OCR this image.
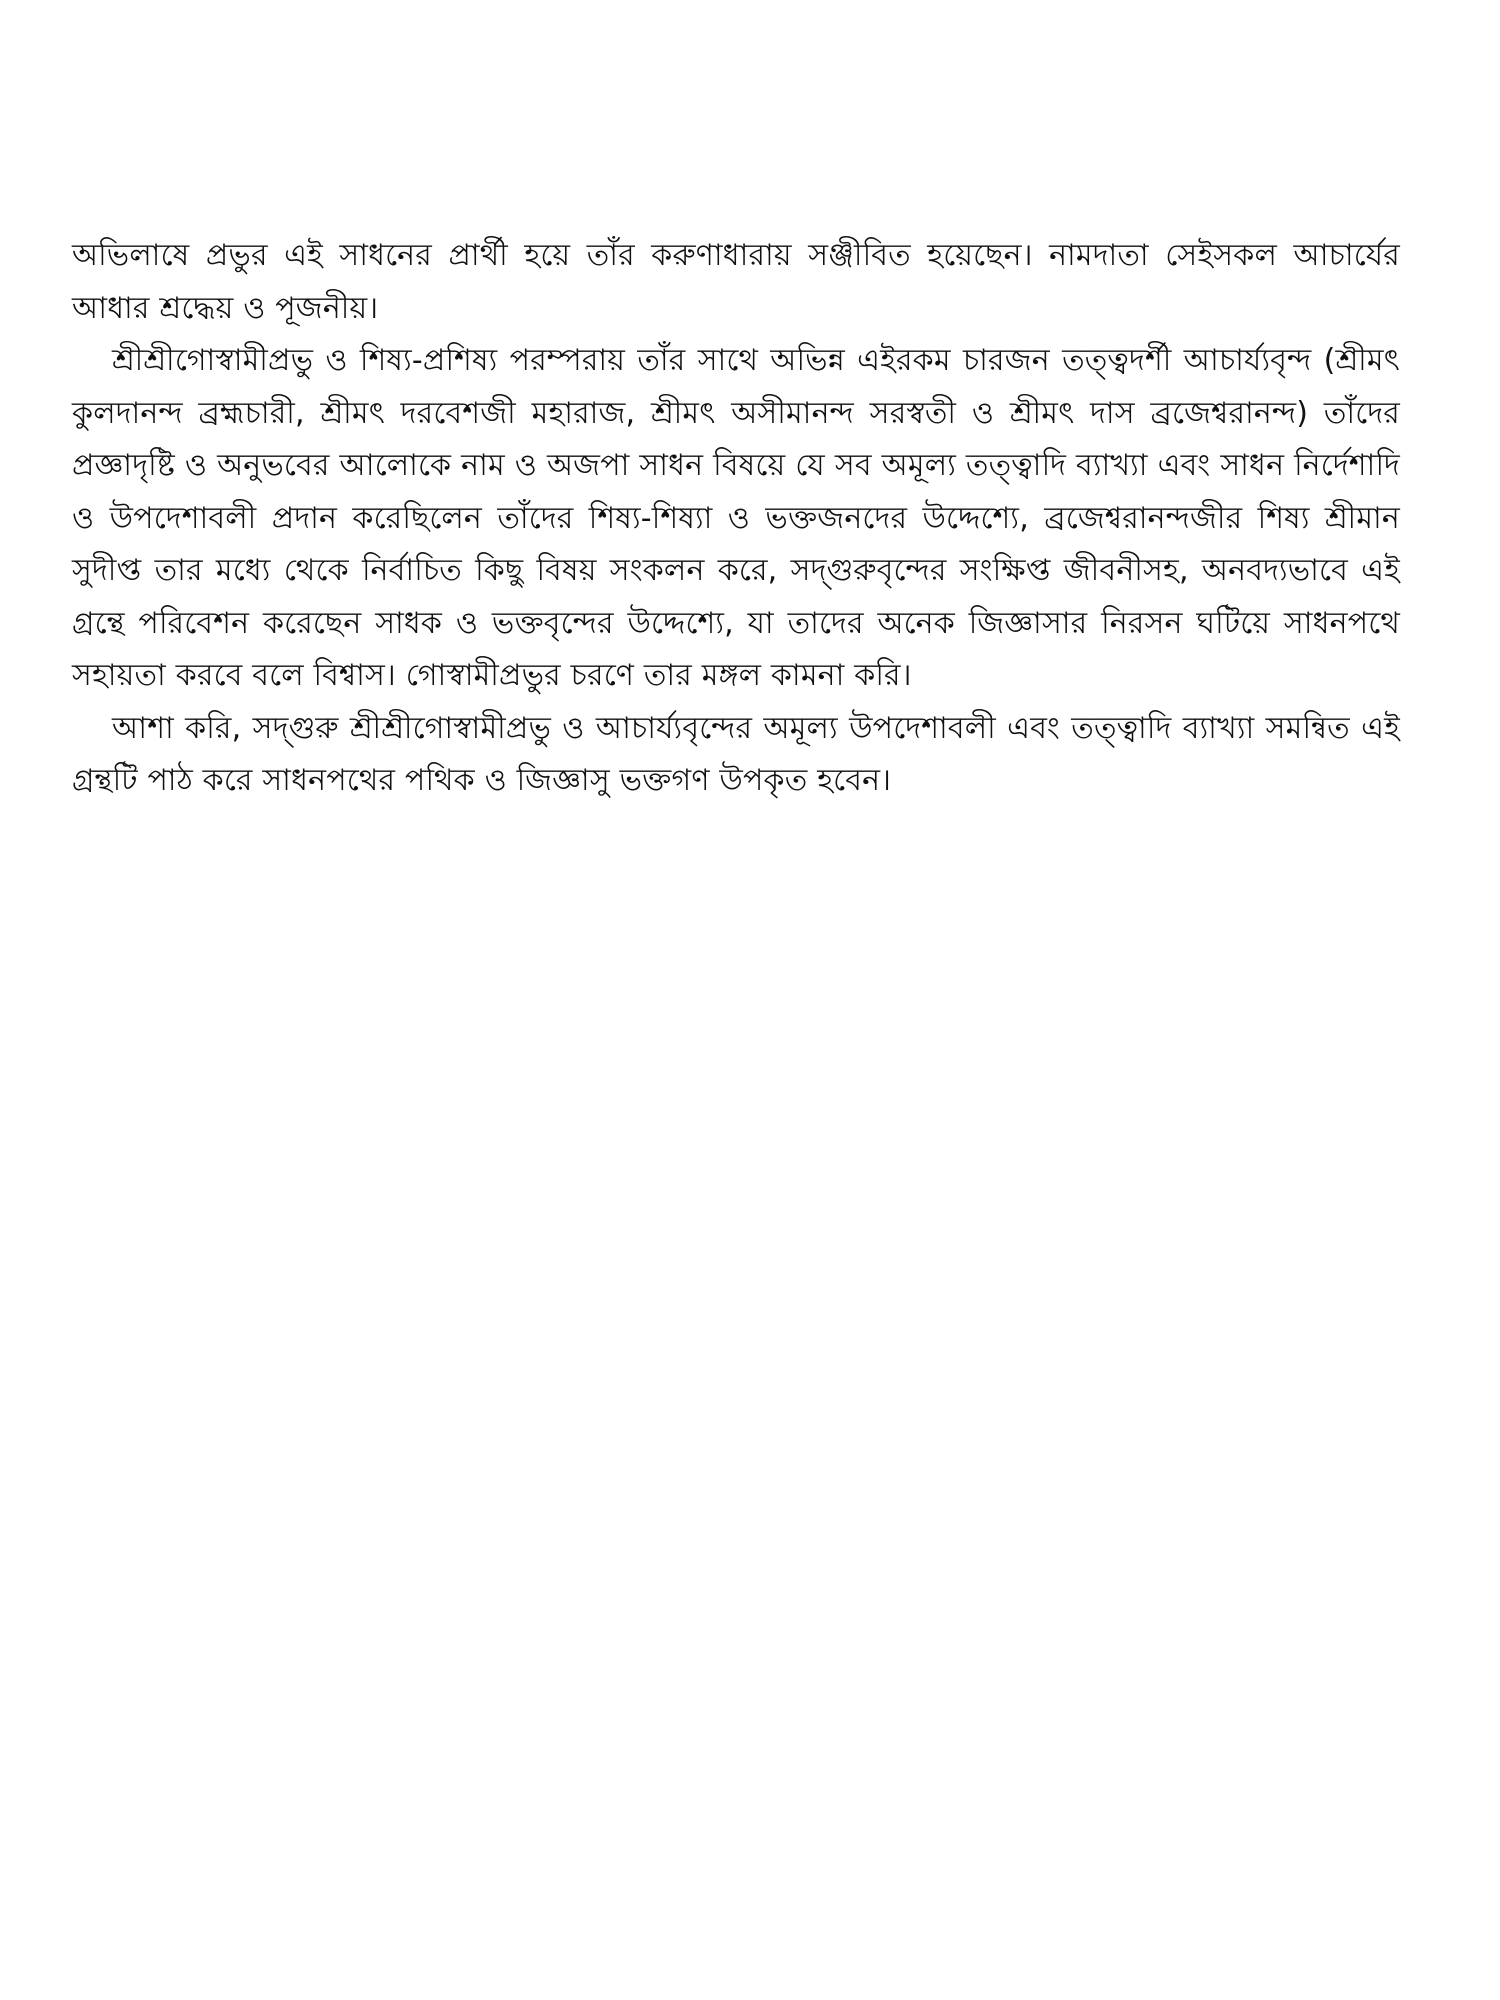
অভিলাষে প্রভুর এই সাধনের প্রার্থী হয়ে তাঁর করুণাধারায় সঞ্জীবিত হয়েছেন। নামদাতা সেইসকল আচার্যের আধার শ্রদ্ধেয় ও পূজনীয়।

শ্রীশ্রীগোস্বামীপ্রভু ও শিষ্য-প্রশিষ্য পরম্পরায় তাঁর সাথে অভিন্ন এইরকম চারজন তত্ত্বদর্শী আচার্য্যবৃন্দ (শ্রীমৎ কুলদানন্দ ব্রহ্মচারী, শ্রীমৎ দরবেশজী মহারাজ, শ্রীমৎ অসীমানন্দ সরস্বতী ও শ্রীমৎ দাস ব্রজেশ্বরানন্দ) তাঁদের প্রজ্ঞাদৃষ্টি ও অনুভবের আলোকে নাম ও অজপা সাধন বিষয়ে যে সব অমূল্য তত্ত্বাদি ব্যাখ্যা এবং সাধন নির্দেশাদি ও উপদেশাবলী প্রদান করেছিলেন তাঁদের শিষ্য-শিষ্যা ও ভক্তজনদের উদ্দেশ্যে, ব্রজেশ্বরানন্দজীর শিষ্য শ্রীমান সুদীপ্ত তার মধ্যে থেকে নির্বাচিত কিছু বিষয় সংকলন করে, সদ্গুরুবৃন্দের সংক্ষিপ্ত জীবনীসহ, অনবদ্যভাবে এই গ্রন্থে পরিবেশন করেছেন সাধক ও ভক্তবৃন্দের উদ্দেশ্যে, যা তাদের অনেক জিজ্ঞাসার নিরসন ঘটিয়ে সাধনপথে সহায়তা করবে বলে বিশ্বাস। গোস্বামীপ্রভুর চরণে তার মঙ্গল কামনা করি।

আশা করি, সদ্গুরু শ্রীশ্রীগোস্বামীপ্রভু ও আচার্য্যবৃন্দের অমূল্য উপদেশাবলী এবং তত্ত্বাদি ব্যাখ্যা সমন্বিত এই গ্রন্থটি পাঠ করে সাধনপথের পথিক ও জিজ্ঞাসু ভক্তগণ উপকৃত হবেন।
